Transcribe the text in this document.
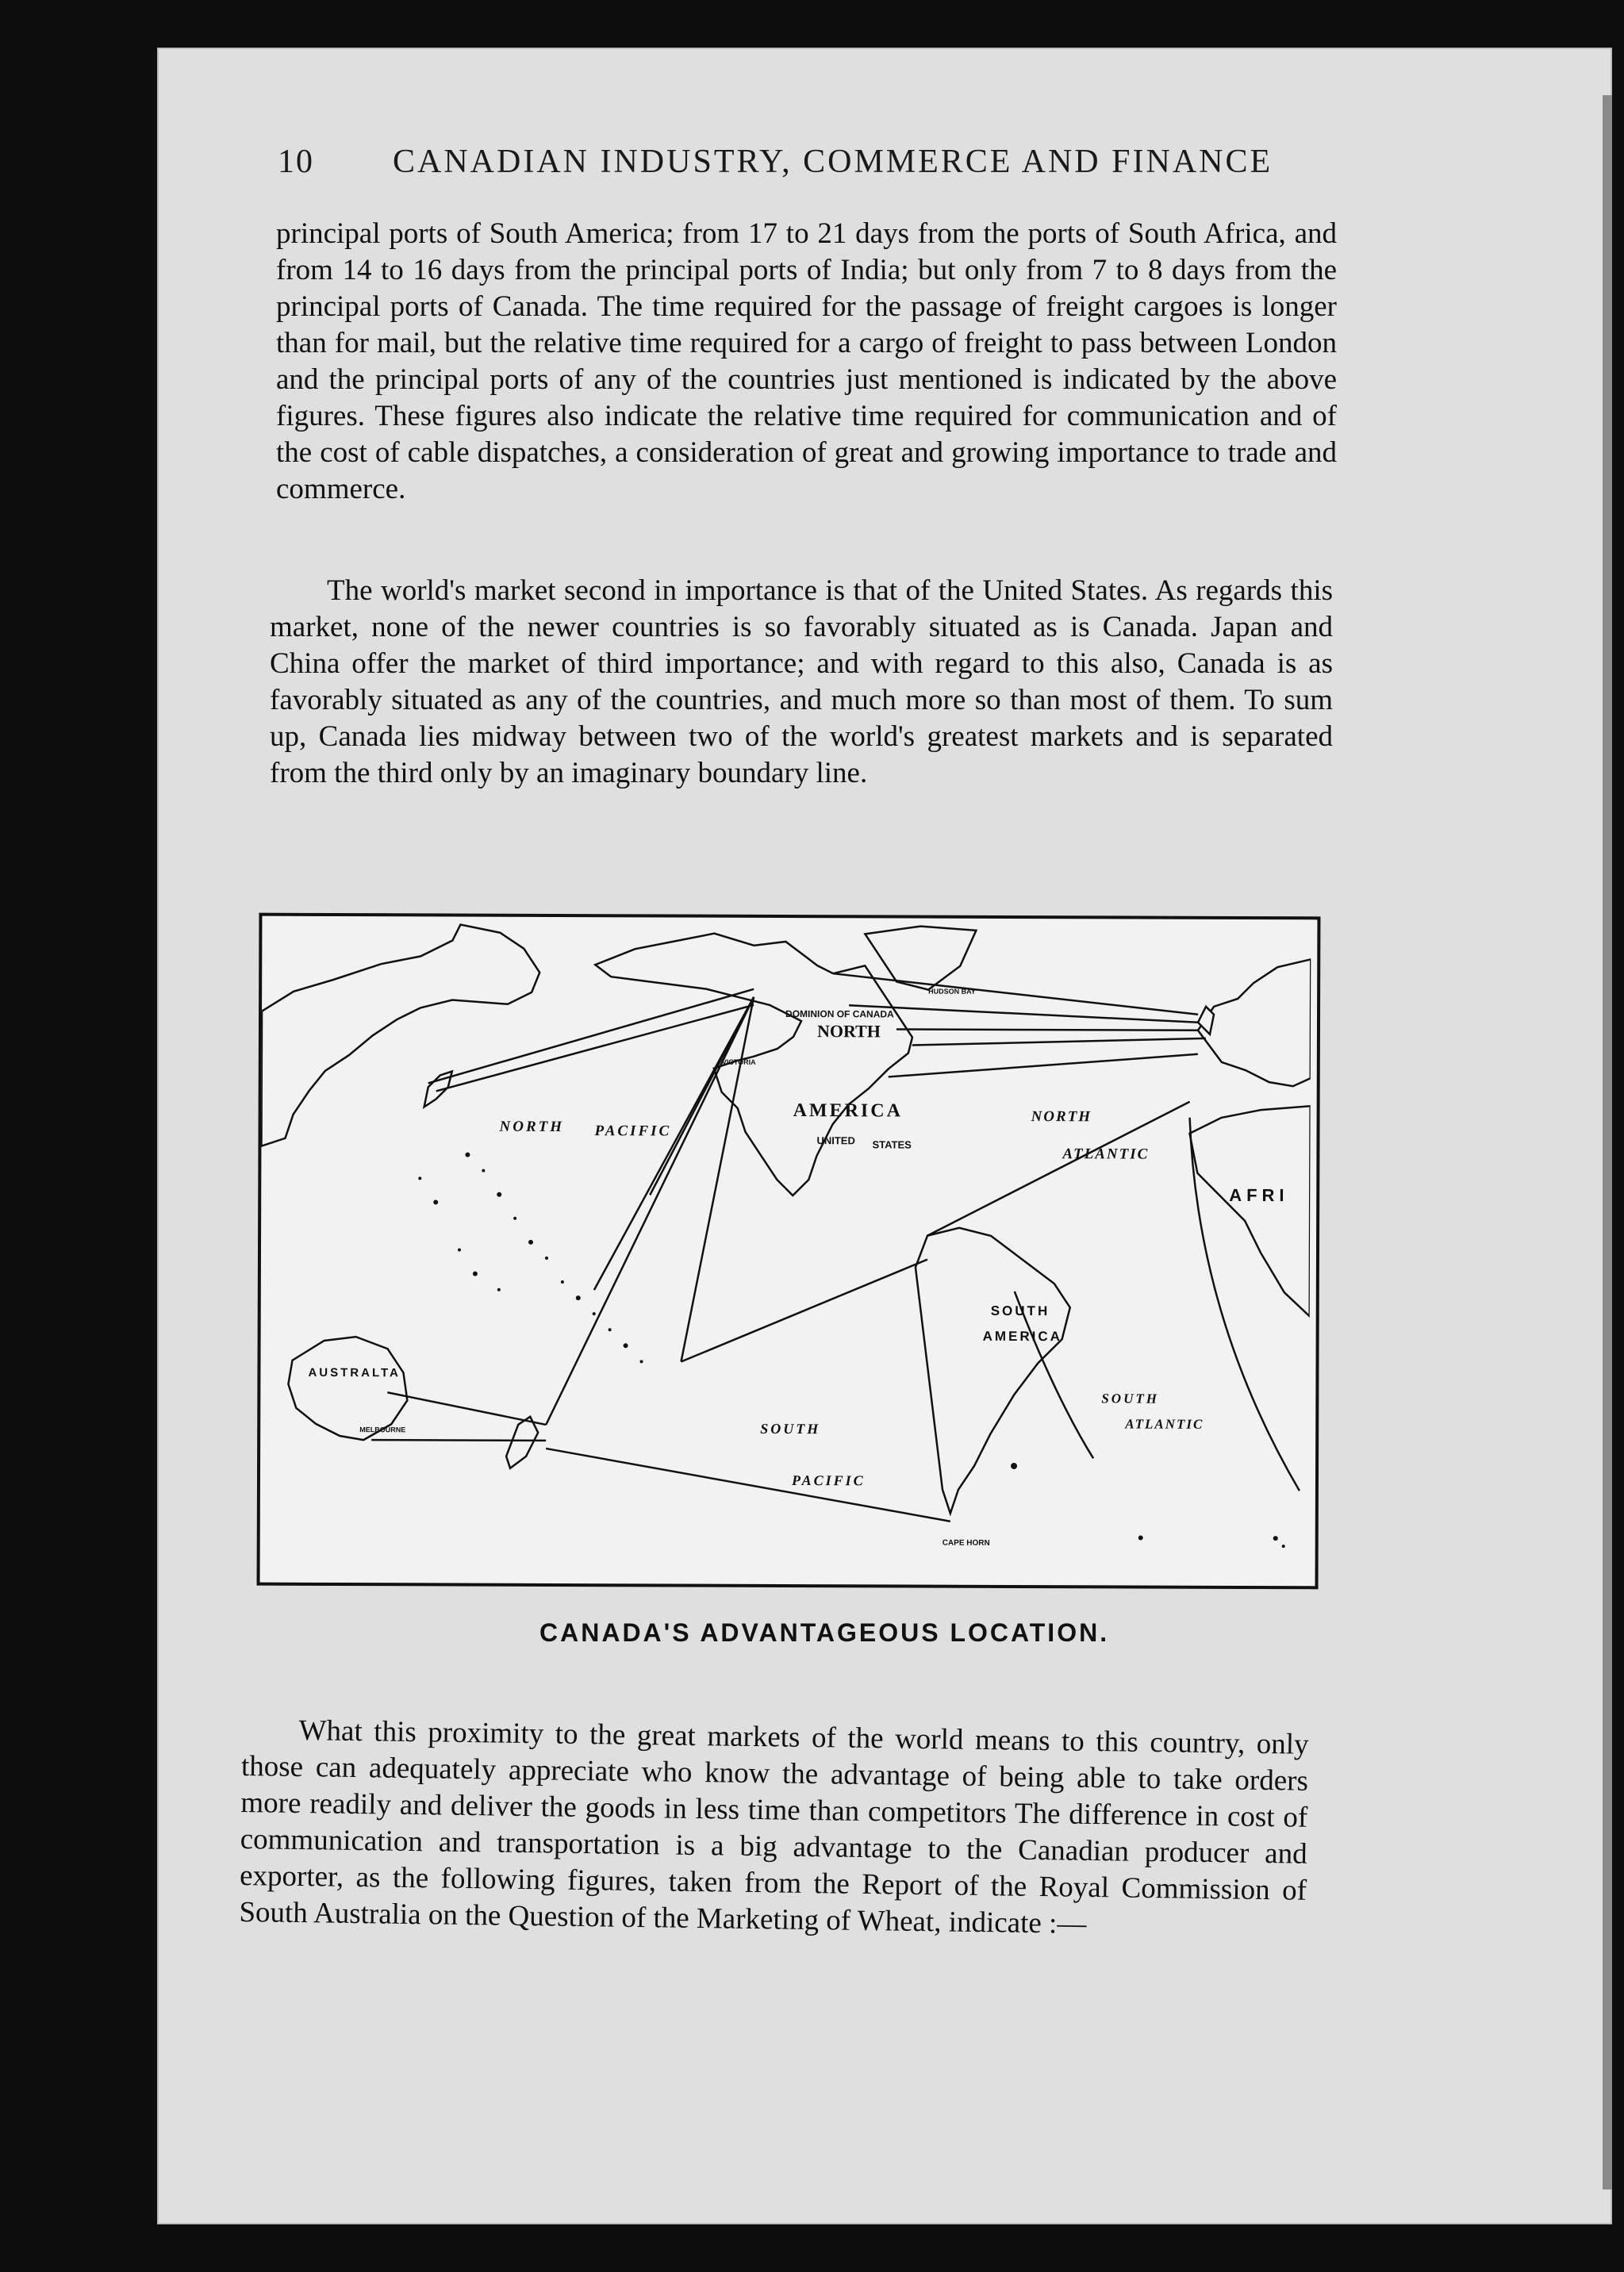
10 CANADIAN INDUSTRY, COMMERCE AND FINANCE

principal ports of South America; from 17 to 21 days from the ports of South Africa, and from 14 to 16 days from the principal ports of India; but only from 7 to 8 days from the principal ports of Canada. The time required for the passage of freight cargoes is longer than for mail, but the relative time required for a cargo of freight to pass between London and the principal ports of any of the countries just mentioned is indicated by the above figures. These figures also indicate the relative time required for communication and of the cost of cable dispatches, a consideration of great and growing importance to trade and commerce.

The world's market second in importance is that of the United States. As regards this market, none of the newer countries is so favorably situated as is Canada. Japan and China offer the market of third importance; and with regard to this also, Canada is as favorably situated as any of the countries, and much more so than most of them. To sum up, Canada lies midway between two of the world's greatest markets and is separated from the third only by an imaginary boundary line.

DOMINION OF CANADA
NORTH
AMERICA
UNITED STATES
NORTH PACIFIC
NORTH
ATLANTIC
AFRI
SOUTH
AMERICA
AUSTRALTA
SOUTH
PACIFIC
SOUTH
ATLANTIC
VICTORIA
HUDSON BAY
CAPE HORN
MELBOURNE
CANADA'S ADVANTAGEOUS LOCATION.

What this proximity to the great markets of the world means to this country, only those can adequately appreciate who know the advantage of being able to take orders more readily and deliver the goods in less time than competitors The difference in cost of communication and transportation is a big advantage to the Canadian producer and exporter, as the following figures, taken from the Report of the Royal Commission of South Australia on the Question of the Marketing of Wheat, indicate :—
